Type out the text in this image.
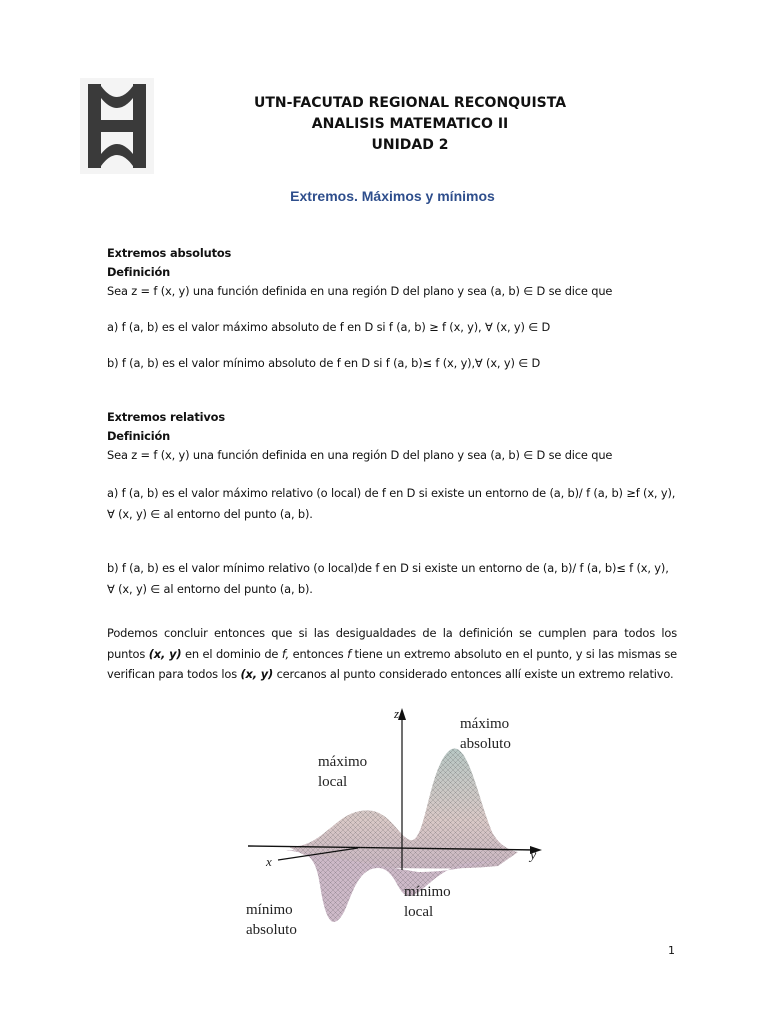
UTN-FACUTAD REGIONAL RECONQUISTA
ANALISIS MATEMATICO II
UNIDAD 2
Extremos. Máximos y mínimos
Extremos absolutos
Definición
Sea z = f (x, y) una función definida en una región D del plano y sea (a, b) ∈ D se dice que
a) f (a, b) es el valor máximo absoluto de f en D si f (a, b) ≥ f (x, y), ∀ (x, y) ∈ D
b) f (a, b) es el valor mínimo absoluto de f en D si f (a, b)≤ f (x, y),∀ (x, y) ∈ D
Extremos relativos
Definición
Sea z = f (x, y) una función definida en una región D del plano y sea (a, b) ∈ D se dice que
a) f (a, b) es el valor máximo relativo (o local) de f en D si existe un entorno de (a, b)/ f (a, b) ≥f (x, y),
∀ (x, y) ∈ al entorno del punto (a, b).
b) f (a, b) es el valor mínimo relativo (o local)de f en D si existe un entorno de (a, b)/ f (a, b)≤ f (x, y),
∀ (x, y) ∈ al entorno del punto (a, b).
Podemos concluir entonces que si las desigualdades de la definición se cumplen para todos los puntos (x, y) en el dominio de f, entonces f tiene un extremo absoluto en el punto, y si las mismas se verifican para todos los (x, y) cercanos al punto considerado entonces allí existe un extremo relativo.
z
x	y
máximo
absoluto
máximo
local
mínimo
local
mínimo
absoluto
1
